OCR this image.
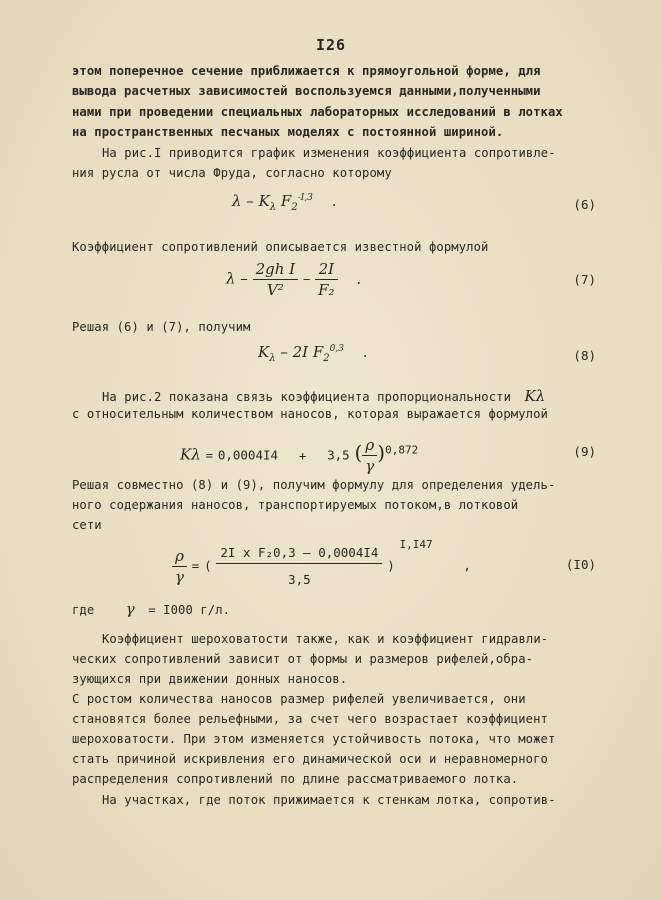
I26
этом поперечное сечение приближается к прямоугольной форме, для
вывода расчетных зависимостей воспользуемся данными,полученными
нами при проведении специальных лабораторных исследований в лотках
на пространственных песчаных моделях с постоянной шириной.
На рис.I приводится график изменения коэффициента сопротивле-
ния русла от числа Фруда, согласно которому
λ – $K_\lambda$ $F_2^{-I,3}$ .	(6)
Коэффициент сопротивлений описывается известной формулой
λ – $\frac{\text{2gh I}}{\text{V²}} - \frac{2I}{\text{F₂}}$ .	(7)
Решая (6) и (7), получим
$K_\lambda - 2I$ $F_2^{0,3}$ .	(8)
На рис.2 показана связь коэффициента пропорциональности Kλ
с относительным количеством наносов, которая выражается формулой
Kλ = 0,0004I4 + 3,5 ( $\frac{\rho}{\gamma} )^{0,872}$	(9)
Решая совместно (8) и (9), получим формулу для определения удель-
ного содержания наносов, транспортируемых потоком,в лотковой
сети
$\frac{\rho}{\gamma}$ = ( $\frac{\text{2I x F₂0,3 – 0,0004I4}}{3,5}$ ) $^{I,I47}$ ,	(I0)
где γ = I000 г/л.
Коэффициент шероховатости также, как и коэффициент гидравли-
ческих сопротивлений зависит от формы и размеров рифелей,обра-
зующихся при движении донных наносов.
С ростом количества наносов размер рифелей увеличивается, они
становятся более рельефными, за счет чего возрастает коэффициент
шероховатости. При этом изменяется устойчивость потока, что может
стать причиной искривления его динамической оси и неравномерного
распределения сопротивлений по длине рассматриваемого лотка.
На участках, где поток прижимается к стенкам лотка, сопротив-
